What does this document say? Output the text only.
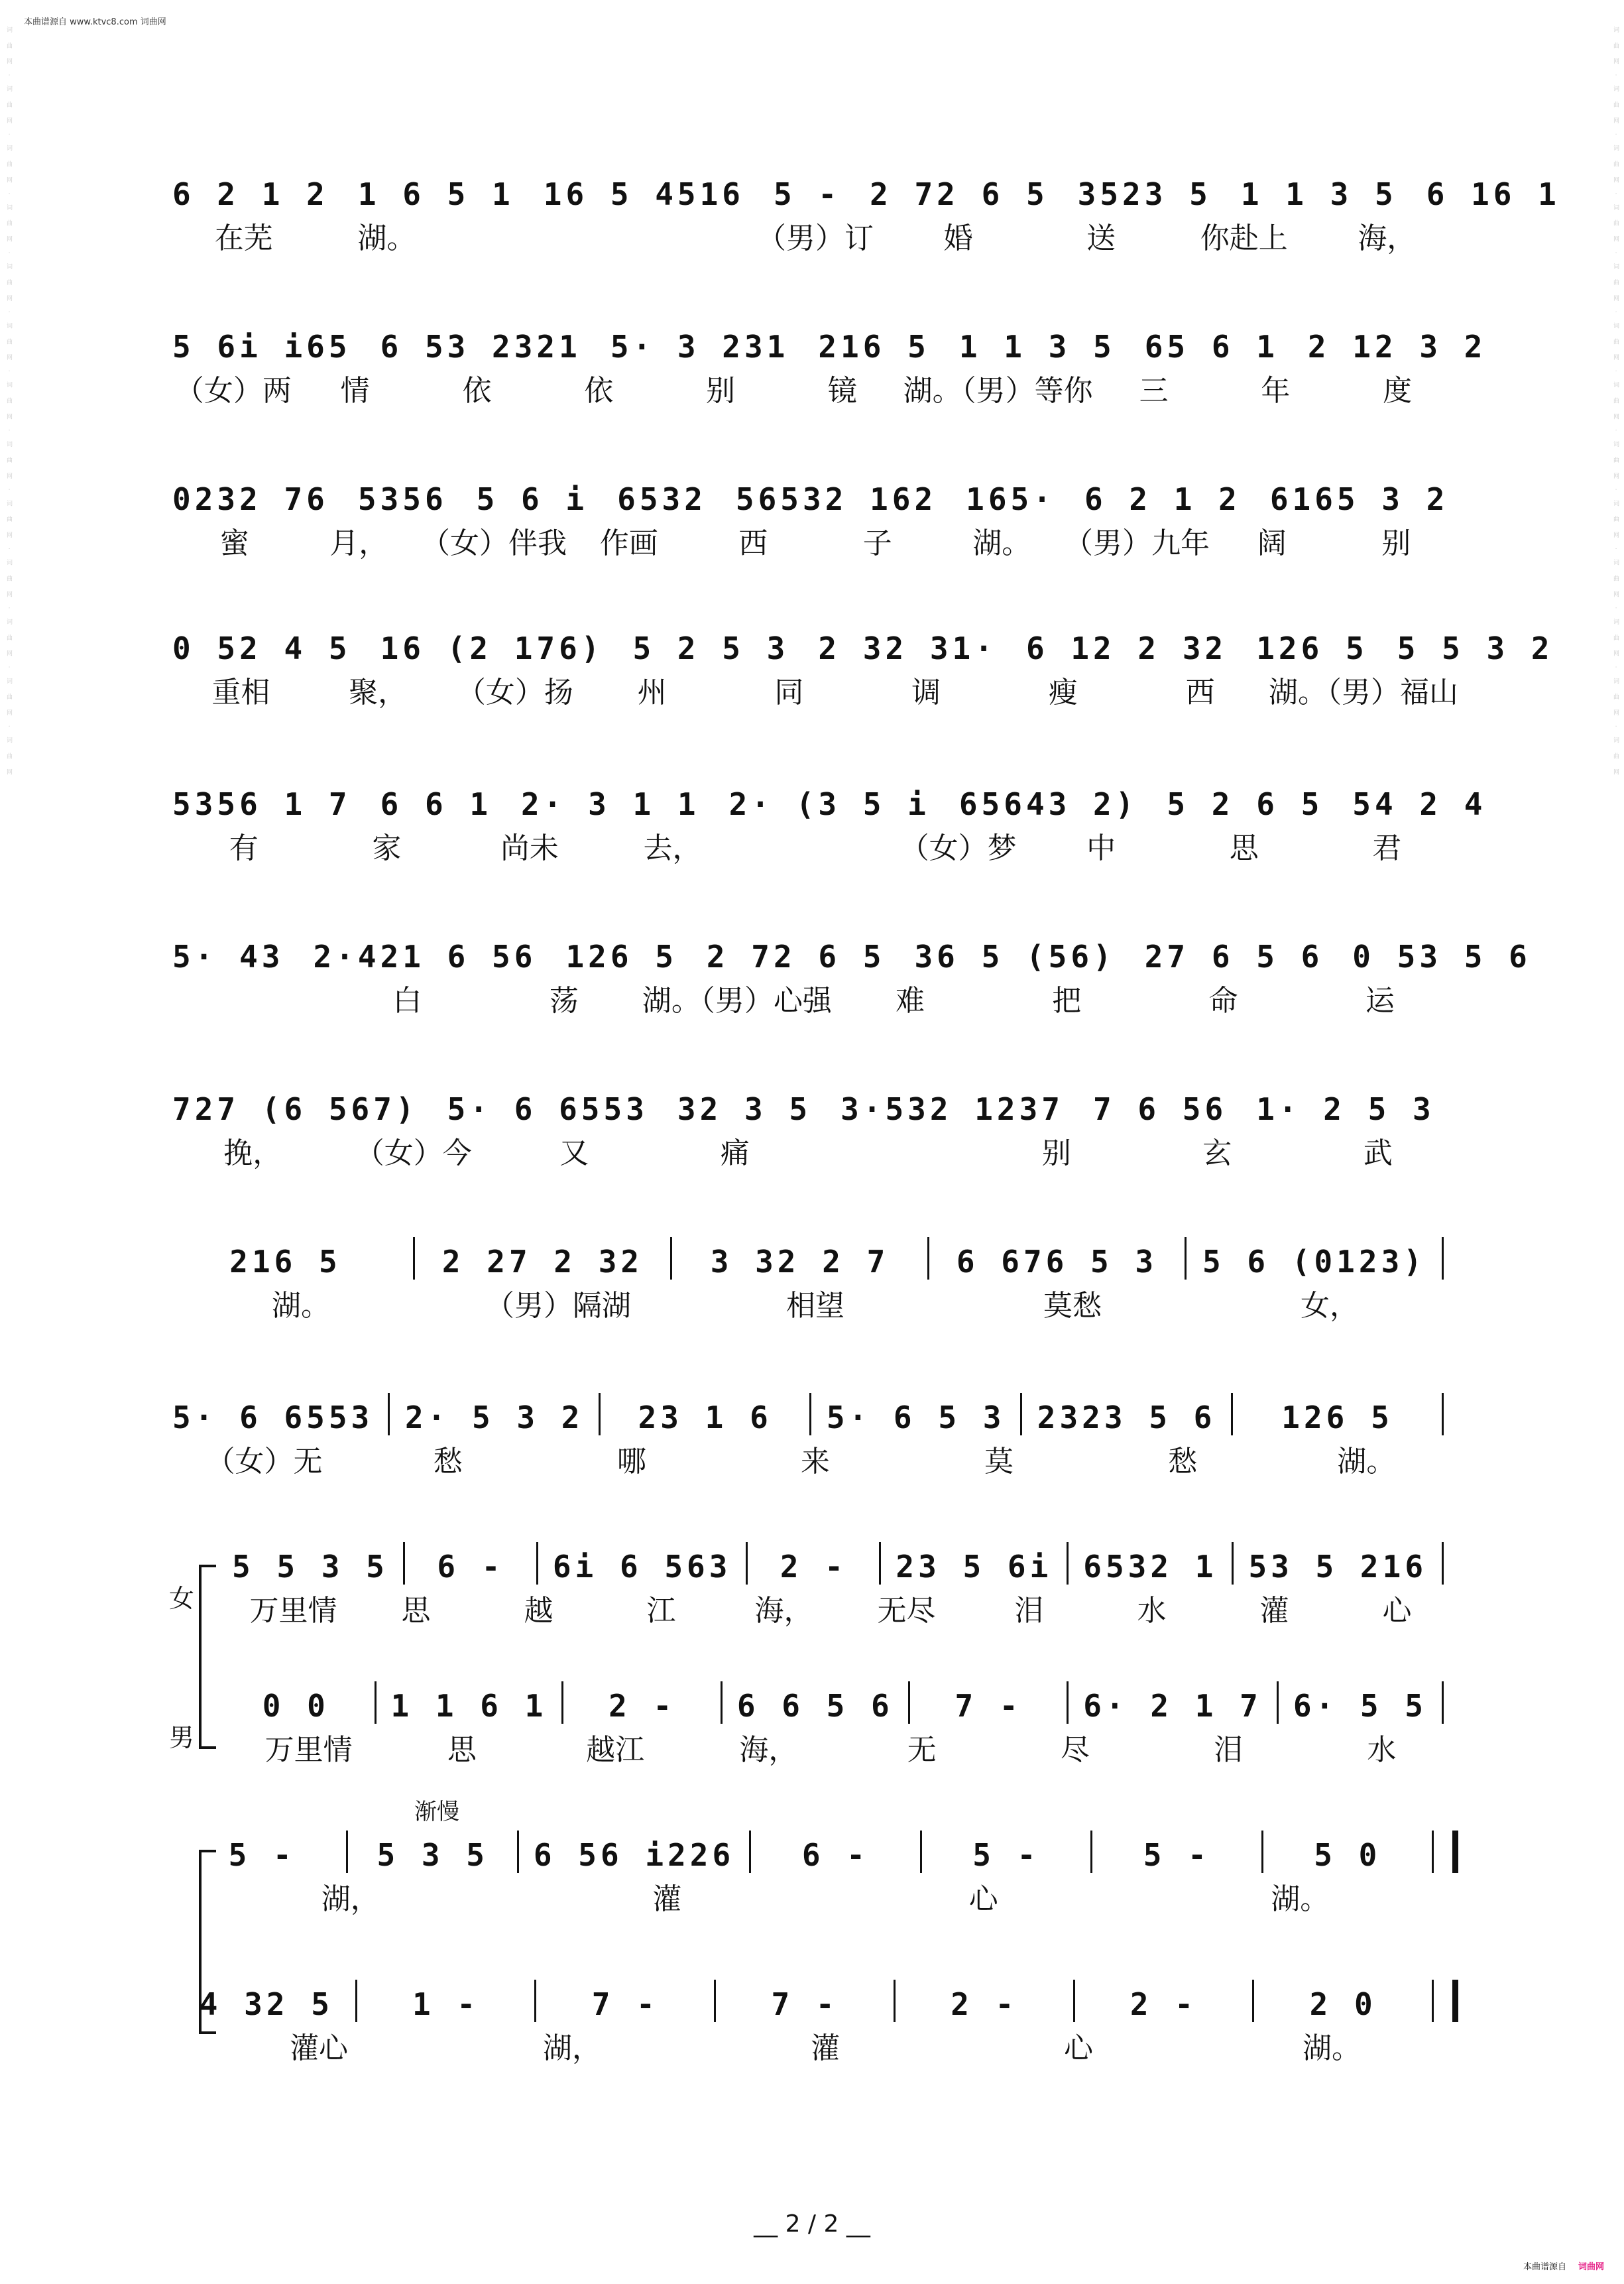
本曲谱源自 www.ktvc8.com 词曲网
词 曲 网 · 词 曲 网 · 词 曲 网 · 词 曲 网 · 词 曲 网 · 词 曲 网 · 词 曲 网 · 词 曲 网 · 词 曲 网 · 词 曲 网 · 词 曲 网 · 词 曲 网 · 词 曲 网	词 曲 网 · 词 曲 网 · 词 曲 网 · 词 曲 网 · 词 曲 网 · 词 曲 网 · 词 曲 网 · 词 曲 网 · 词 曲 网 · 词 曲 网 · 词 曲 网 · 词 曲 网 · 词 曲 网
6 2 1 2 1 6 5 1 16 5 4516 5 - 2 72 6 5 3523 5 1 1 3 5 6 16 1
在芜	湖。	（男）订	婚	送	你赴上	海，
5 6i i65 6 53 2321 5· 3 231 216 5 1 1 3 5 65 6 1 2 12 3 2
（女）两	情	依	依	别	镜	湖。（男）等你	三	年	度
0232 76 5356 5 6 i 6532 56532 162 165· 6 2 1 2 6165 3 2
蜜	月，	（女）伴我	作画	西	子	湖。	（男）九年	阔	别
0 52 4 5 16 (2 176) 5 2 5 3 2 32 31· 6 12 2 32 126 5 5 5 3 2
重相	聚，	（女）扬	州	同	调	瘦	西	湖。（男）福山
5356 1 7 6 6 1 2· 3 1 1 2· (3 5 i 65643 2) 5 2 6 5 54 2 4
有	家	尚未	去，	（女）梦	中	思	君
5· 43 2·421 6 56 126 5 2 72 6 5 36 5 (56) 27 6 5 6 0 53 5 6
白	荡	湖。（男）心强	难	把	命	运
727 (6 567) 5· 6 6553 32 3 5 3·532 1237 7 6 56 1· 2 5 3
挽，	（女）今	又	痛	别	玄	武
216 5	2 27 2 32	3 32 2 7	6 676 5 3	5 6 (0123)
湖。	（男）隔湖	相望	莫愁	女，
5· 6 6553 2· 5 3 2	23 1 6	5· 6 5 3 2323 5 6	126 5
（女）无	愁	哪	来	莫	愁	湖。
女
男
5 5 3 5	6 -	6i 6 563	2 -	23 5 6i 6532 1 53 5 216
万里情	思	越	江	海，	无尽	泪	水	灌	心
0 0	1 1 6 1	2 -	6 6 5 6	7 -	6· 2 1 7 6· 5 5
万里情	思	越江	海，	无	尽	泪	水
渐慢
5 -	5 3 5	6 56 i226	6 -	5 -	5 -	5 0
湖，	灌	心	湖。
4 32 5	1 -	7 -	7 -	2 -	2 -	2 0
灌心	湖，	灌	心	湖。
__ 2 / 2 __
本曲谱源自 词曲网
